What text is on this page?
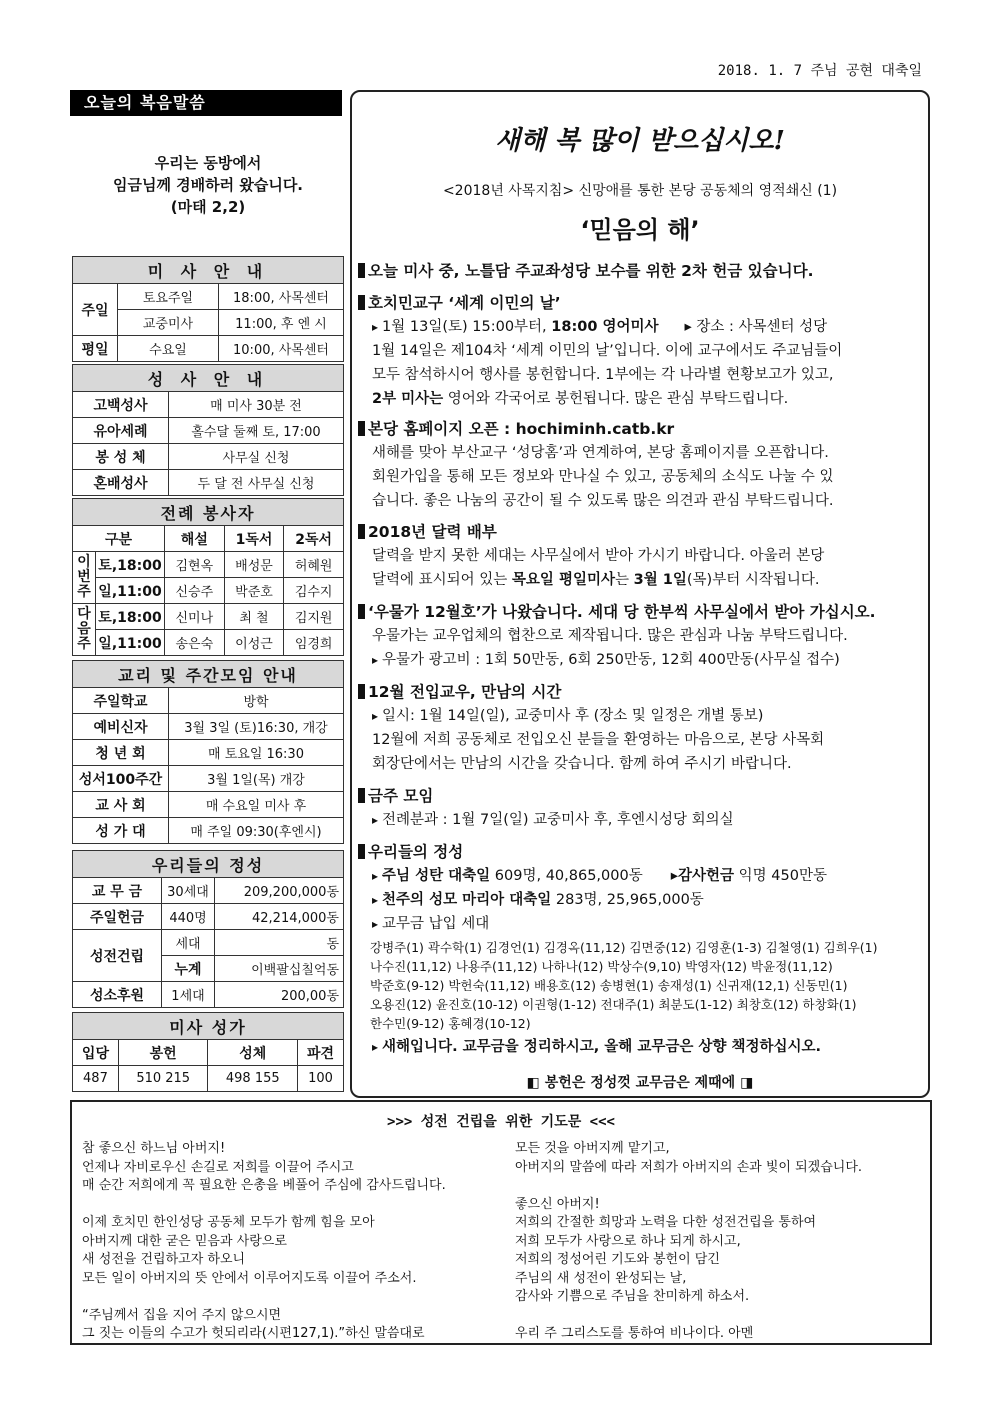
2018. 1. 7 주님 공현 대축일
오늘의 복음말씀
우리는 동방에서
임금님께 경배하러 왔습니다.
(마태 2,2)
미 사 안 내		
주일	토요주일	18:00, 사목센터
	교중미사	11:00, 후 엔 시
평일	수요일	10:00, 사목센터
성 사 안 내	
고백성사	매 미사 30분 전
유아세례	홀수달 둘째 토, 17:00
봉 성 체	사무실 신청
혼배성사	두 달 전 사무실 신청
전례 봉사자				
구분		해설	1독서	2독서
이번주	토,18:00	김현옥	배성문	허혜원
	일,11:00	신승주	박준호	김수지
다음주	토,18:00	신미나	최 철	김지원
	일,11:00	송은숙	이성근	임경희
교리 및 주간모임 안내	
주일학교	방학
예비신자	3월 3일 (토)16:30, 개강
청 년 회	매 토요일 16:30
성서100주간	3월 1일(목) 개강
교 사 회	매 수요일 미사 후
성 가 대	매 주일 09:30(후엔시)
우리들의 정성		
교 무 금	30세대	209,200,000동
주일헌금	440명	42,214,000동
성전건립	세대	동
	누계	이백팔십칠억동
성소후원	1세대	200,00동
미사 성가			
입당	봉헌	성체	파견
487	510 215	498 155	100
새해 복 많이 받으십시오!
<2018년 사목지침> 신망애를 통한 본당 공동체의 영적쇄신 (1)
‘믿음의 해’
오늘 미사 중, 노틀담 주교좌성당 보수를 위한 2차 헌금 있습니다.
호치민교구 ‘세계 이민의 날’
▸ 1월 13일(토) 15:00부터, 18:00 영어미사 ▸ 장소 : 사목센터 성당
1월 14일은 제104차 ‘세계 이민의 날’입니다. 이에 교구에서도 주교님들이
모두 참석하시어 행사를 봉헌합니다. 1부에는 각 나라별 현황보고가 있고,
2부 미사는 영어와 각국어로 봉헌됩니다. 많은 관심 부탁드립니다.
본당 홈페이지 오픈 : hochiminh.catb.kr
새해를 맞아 부산교구 ‘성당홈’과 연계하여, 본당 홈페이지를 오픈합니다.
회원가입을 통해 모든 정보와 만나실 수 있고, 공동체의 소식도 나눌 수 있
습니다. 좋은 나눔의 공간이 될 수 있도록 많은 의견과 관심 부탁드립니다.
2018년 달력 배부
달력을 받지 못한 세대는 사무실에서 받아 가시기 바랍니다. 아울러 본당
달력에 표시되어 있는 목요일 평일미사는 3월 1일(목)부터 시작됩니다.
‘우물가 12월호’가 나왔습니다. 세대 당 한부씩 사무실에서 받아 가십시오.
우물가는 교우업체의 협찬으로 제작됩니다. 많은 관심과 나눔 부탁드립니다.
▸ 우물가 광고비 : 1회 50만동, 6회 250만동, 12회 400만동(사무실 접수)
12월 전입교우, 만남의 시간
▸ 일시: 1월 14일(일), 교중미사 후 (장소 및 일정은 개별 통보)
12월에 저희 공동체로 전입오신 분들을 환영하는 마음으로, 본당 사목회
회장단에서는 만남의 시간을 갖습니다. 함께 하여 주시기 바랍니다.
금주 모임
▸ 전례분과 : 1월 7일(일) 교중미사 후, 후엔시성당 회의실
우리들의 정성
▸ 주님 성탄 대축일 609명, 40,865,000동 ▸감사헌금 익명 450만동
▸ 천주의 성모 마리아 대축일 283명, 25,965,000동
▸ 교무금 납입 세대
강병주(1) 곽수학(1) 김경언(1) 김경옥(11,12) 김면중(12) 김영훈(1-3) 김철영(1) 김희우(1)
나수진(11,12) 나용주(11,12) 나하나(12) 박상수(9,10) 박영자(12) 박윤정(11,12)
박준호(9-12) 박헌숙(11,12) 배용호(12) 송병현(1) 송재성(1) 신귀재(12,1) 신동민(1)
오용진(12) 윤진호(10-12) 이권형(1-12) 전대주(1) 최분도(1-12) 최창호(12) 하창화(1)
한수민(9-12) 홍혜경(10-12)
▸ 새해입니다. 교무금을 정리하시고, 올해 교무금은 상향 책정하십시오.
◧ 봉헌은 정성껏 교무금은 제때에 ◨
>>> 성전 건립을 위한 기도문 <<<
참 좋으신 하느님 아버지!
언제나 자비로우신 손길로 저희를 이끌어 주시고
매 순간 저희에게 꼭 필요한 은총을 베풀어 주심에 감사드립니다.
이제 호치민 한인성당 공동체 모두가 함께 힘을 모아
아버지께 대한 굳은 믿음과 사랑으로
새 성전을 건립하고자 하오니
모든 일이 아버지의 뜻 안에서 이루어지도록 이끌어 주소서.
“주님께서 집을 지어 주지 않으시면
그 짓는 이들의 수고가 헛되리라(시편127,1).”하신 말씀대로
모든 것을 아버지께 맡기고,
아버지의 말씀에 따라 저희가 아버지의 손과 빛이 되겠습니다.
좋으신 아버지!
저희의 간절한 희망과 노력을 다한 성전건립을 통하여
저희 모두가 사랑으로 하나 되게 하시고,
저희의 정성어린 기도와 봉헌이 담긴
주님의 새 성전이 완성되는 날,
감사와 기쁨으로 주님을 찬미하게 하소서.
우리 주 그리스도를 통하여 비나이다. 아멘
